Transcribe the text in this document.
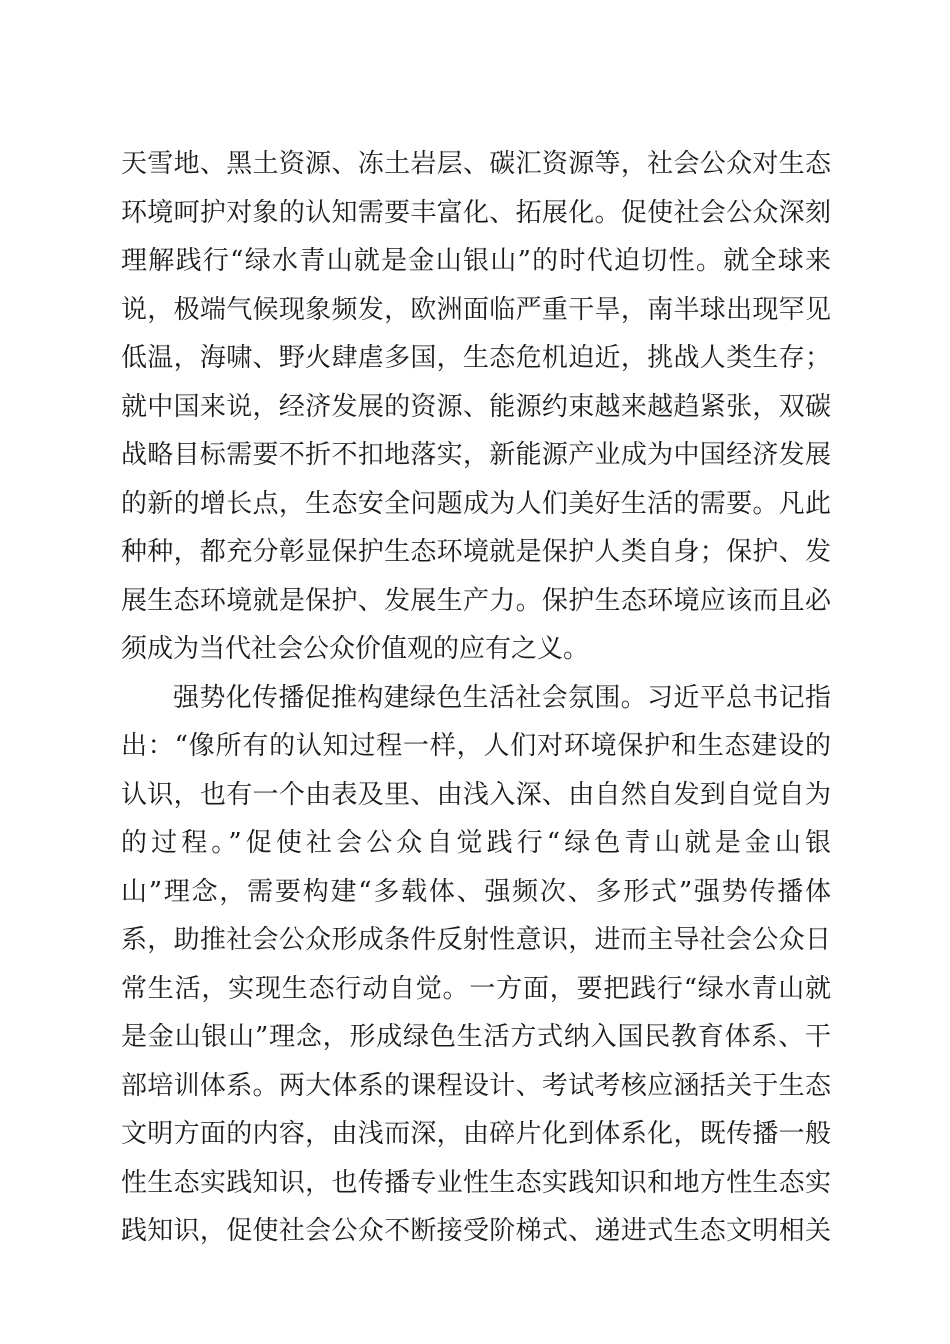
天雪地、黑土资源、冻土岩层、碳汇资源等，社会公众对生态
环境呵护对象的认知需要丰富化、拓展化。促使社会公众深刻
理解践行“绿水青山就是金山银山”的时代迫切性。就全球来
说，极端气候现象频发，欧洲面临严重干旱，南半球出现罕见
低温，海啸、野火肆虐多国，生态危机迫近，挑战人类生存；
就中国来说，经济发展的资源、能源约束越来越趋紧张，双碳
战略目标需要不折不扣地落实，新能源产业成为中国经济发展
的新的增长点，生态安全问题成为人们美好生活的需要。凡此
种种，都充分彰显保护生态环境就是保护人类自身；保护、发
展生态环境就是保护、发展生产力。保护生态环境应该而且必
须成为当代社会公众价值观的应有之义。
强势化传播促推构建绿色生活社会氛围。习近平总书记指
出：“像所有的认知过程一样，人们对环境保护和生态建设的
认识，也有一个由表及里、由浅入深、由自然自发到自觉自为
的过程。”促使社会公众自觉践行“绿色青山就是金山银
山”理念，需要构建“多载体、强频次、多形式”强势传播体
系，助推社会公众形成条件反射性意识，进而主导社会公众日
常生活，实现生态行动自觉。一方面，要把践行“绿水青山就
是金山银山”理念，形成绿色生活方式纳入国民教育体系、干
部培训体系。两大体系的课程设计、考试考核应涵括关于生态
文明方面的内容，由浅而深，由碎片化到体系化，既传播一般
性生态实践知识，也传播专业性生态实践知识和地方性生态实
践知识，促使社会公众不断接受阶梯式、递进式生态文明相关
